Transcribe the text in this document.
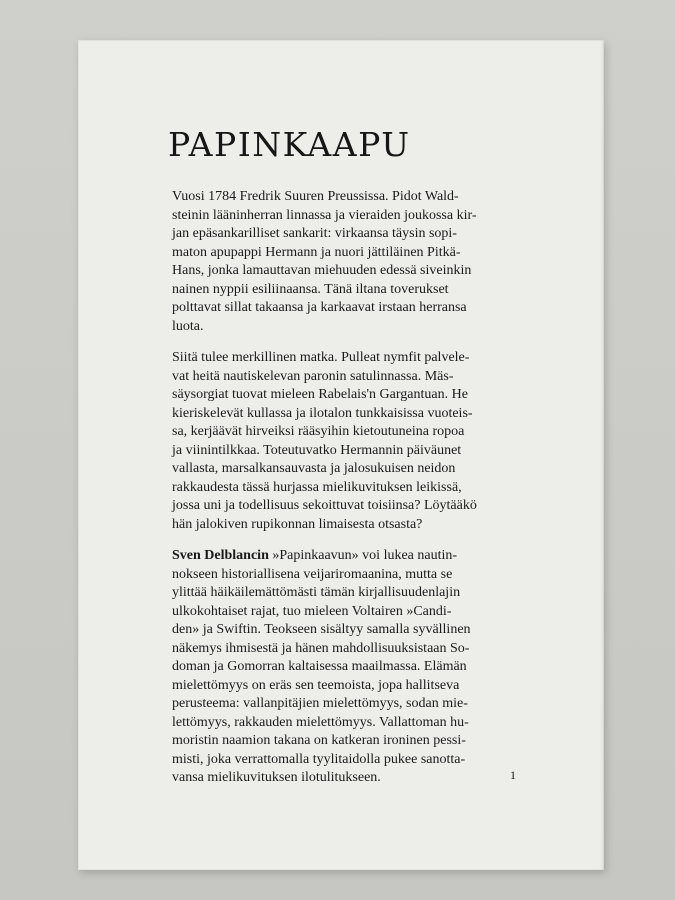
PAPINKAAPU

Vuosi 1784 Fredrik Suuren Preussissa. Pidot Wald-
steinin lääninherran linnassa ja vieraiden joukossa kir-
jan epäsankarilliset sankarit: virkaansa täysin sopi-
maton apupappi Hermann ja nuori jättiläinen Pitkä-
Hans, jonka lamauttavan miehuuden edessä siveinkin
nainen nyppii esiliinaansa. Tänä iltana toverukset
polttavat sillat takaansa ja karkaavat irstaan herransa
luota.

Siitä tulee merkillinen matka. Pulleat nymfit palvele-
vat heitä nautiskelevan paronin satulinnassa. Mäs-
säysorgiat tuovat mieleen Rabelais'n Gargantuan. He
kieriskelevät kullassa ja ilotalon tunkkaisissa vuoteis-
sa, kerjäävät hirveiksi rääsyihin kietoutuneina ropoa
ja viinintilkkaa. Toteutuvatko Hermannin päiväunet
vallasta, marsalkansauvasta ja jalosukuisen neidon
rakkaudesta tässä hurjassa mielikuvituksen leikissä,
jossa uni ja todellisuus sekoittuvat toisiinsa? Löytääkö
hän jalokiven rupikonnan limaisesta otsasta?

Sven Delblancin »Papinkaavun» voi lukea nautin-
nokseen historiallisena veijariromaanina, mutta se
ylittää häikäilemättömästi tämän kirjallisuudenlajin
ulkokohtaiset rajat, tuo mieleen Voltairen »Candi-
den» ja Swiftin. Teokseen sisältyy samalla syvällinen
näkemys ihmisestä ja hänen mahdollisuuksistaan So-
doman ja Gomorran kaltaisessa maailmassa. Elämän
mielettömyys on eräs sen teemoista, jopa hallitseva
perusteema: vallanpitäjien mielettömyys, sodan mie-
lettömyys, rakkauden mielettömyys. Vallattoman hu-
moristin naamion takana on katkeran ironinen pessi-
misti, joka verrattomalla tyylitaidolla pukee sanotta-
vansa mielikuvituksen ilotulitukseen.	1
